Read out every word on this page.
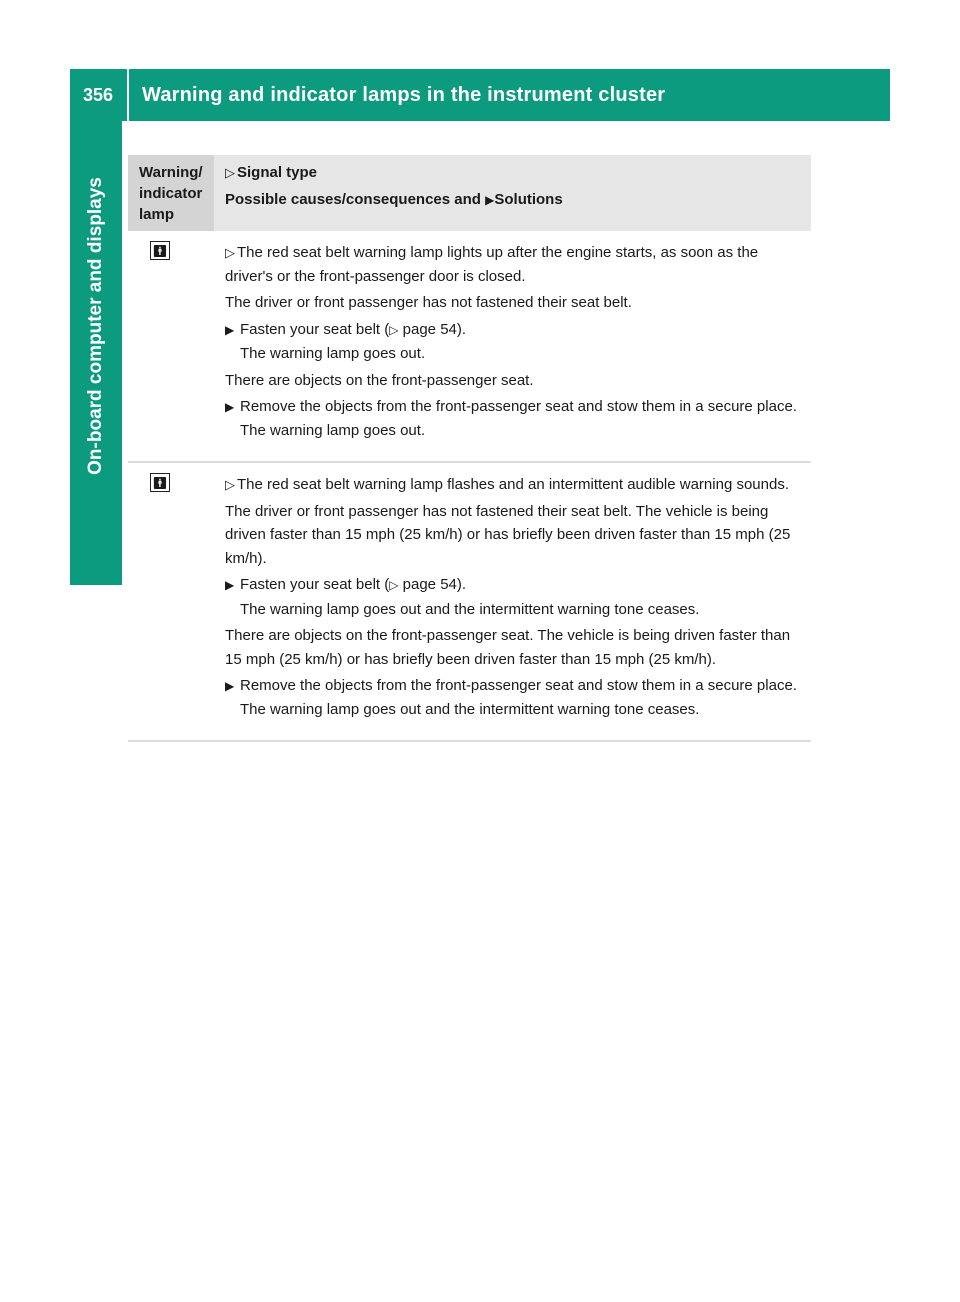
356	Warning and indicator lamps in the instrument cluster
On-board computer and displays
Warning/ indicator lamp
▷ Signal type
Possible causes/consequences and ▶Solutions
🚹︎	▷ The red seat belt warning lamp lights up after the engine starts, as soon as the driver's or the front-passenger door is closed.

The driver or front passenger has not fastened their seat belt.

▶ Fasten your seat belt (▷ page 54).
The warning lamp goes out.

There are objects on the front-passenger seat.

▶ Remove the objects from the front-passenger seat and stow them in a secure place.
The warning lamp goes out.
🚹︎	▷ The red seat belt warning lamp flashes and an intermittent audible warning sounds.

The driver or front passenger has not fastened their seat belt. The vehicle is being driven faster than 15 mph (25 km/h) or has briefly been driven faster than 15 mph (25 km/h).

▶ Fasten your seat belt (▷ page 54).
The warning lamp goes out and the intermittent warning tone ceases.

There are objects on the front-passenger seat. The vehicle is being driven faster than 15 mph (25 km/h) or has briefly been driven faster than 15 mph (25 km/h).

▶ Remove the objects from the front-passenger seat and stow them in a secure place.
The warning lamp goes out and the intermittent warning tone ceases.
